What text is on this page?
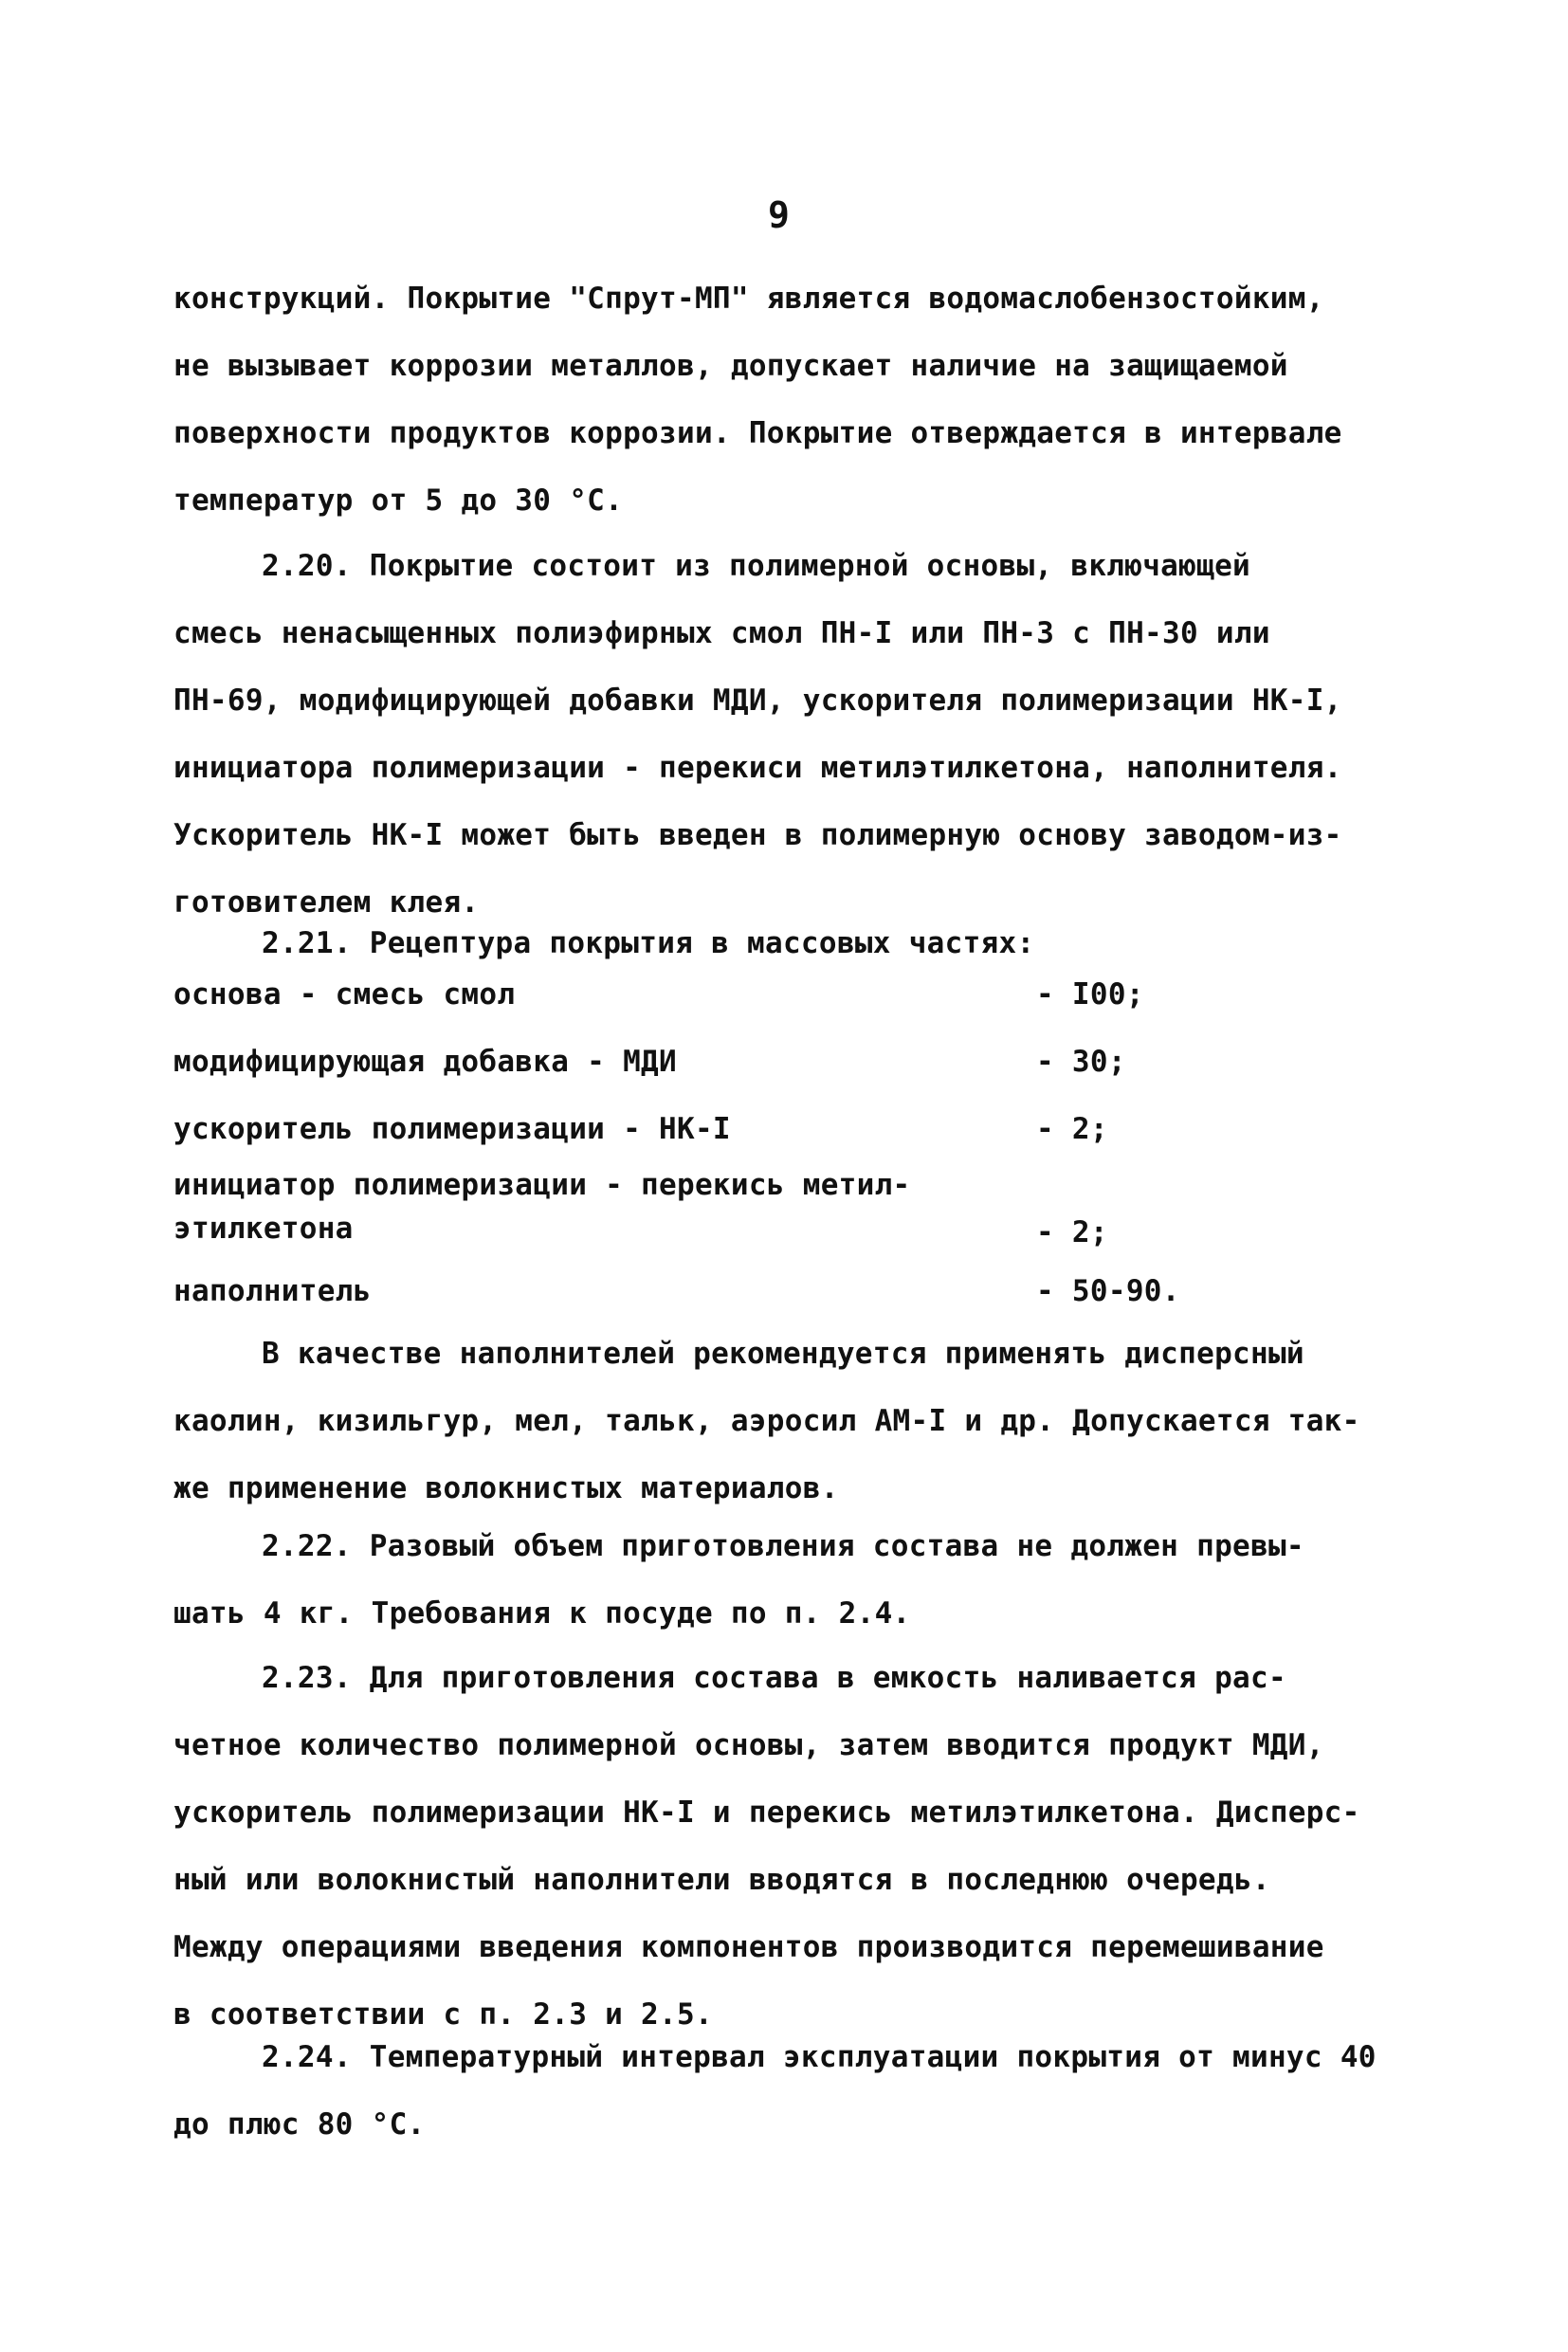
9
конструкций. Покрытие "Спрут-МП" является водомаслобензостойким,
не вызывает коррозии металлов, допускает наличие на защищаемой
поверхности продуктов коррозии. Покрытие отверждается в интервале
температур от 5 до 30 °С.
2.20. Покрытие состоит из полимерной основы, включающей
смесь ненасыщенных полиэфирных смол ПН-I или ПН-3 с ПН-30 или
ПН-69, модифицирующей добавки МДИ, ускорителя полимеризации НК-I,
инициатора полимеризации - перекиси метилэтилкетона, наполнителя.
Ускоритель НК-I может быть введен в полимерную основу заводом-из-
готовителем клея.
2.21. Рецептура покрытия в массовых частях:
основа - смесь смол	- I00;
модифицирующая добавка - МДИ	- 30;
ускоритель полимеризации - НК-I	- 2;
инициатор полимеризации - перекись метил-
этилкетона	- 2;
наполнитель	- 50-90.
В качестве наполнителей рекомендуется применять дисперсный
каолин, кизильгур, мел, тальк, аэросил АМ-I и др. Допускается так-
же применение волокнистых материалов.
2.22. Разовый объем приготовления состава не должен превы-
шать 4 кг. Требования к посуде по п. 2.4.
2.23. Для приготовления состава в емкость наливается рас-
четное количество полимерной основы, затем вводится продукт МДИ,
ускоритель полимеризации НК-I и перекись метилэтилкетона. Дисперс-
ный или волокнистый наполнители вводятся в последнюю очередь.
Между операциями введения компонентов производится перемешивание
в соответствии с п. 2.3 и 2.5.
2.24. Температурный интервал эксплуатации покрытия от минус 40
до плюс 80 °С.
